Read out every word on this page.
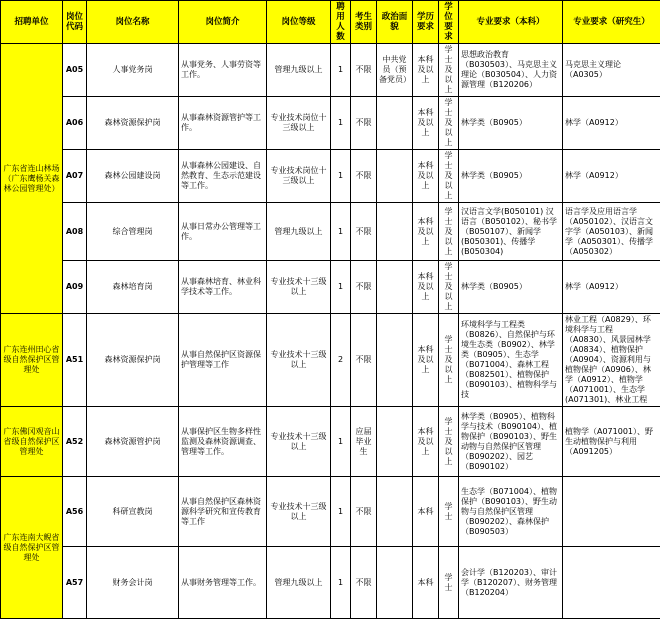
招聘单位	岗位代码	岗位名称	岗位简介	岗位等级	聘用人数	考生类别	政治面貌	学历要求	学位要求	专业要求（本科）	专业要求（研究生）
广东省连山林场（广东鹰杨关森林公园管理处）	A05	人事党务岗	从事党务、人事劳资等工作。	管理九级以上	1	不限	中共党员（预备党员）	本科及以上	学士及以上	思想政治教育（B030503）、马克思主义理论（B030504）、人力资源管理（B120206）	马克思主义理论（A0305）
	A06	森林资源保护岗	从事森林资源管护等工作。	专业技术岗位十三级以上	1	不限		本科及以上	学士及以上	林学类（B0905）	林学（A0912）
	A07	森林公园建设岗	从事森林公园建设、自然教育、生态示范建设等工作。	专业技术岗位十三级以上	1	不限		本科及以上	学士及以上	林学类（B0905）	林学（A0912）
	A08	综合管理岗	从事日常办公管理等工作。	管理九级以上	1	不限		本科及以上	学士及以上	汉语言文学(B050101) 汉语言（B050102）、秘书学（B050107）、新闻学(B050301)、传播学(B050304)	语言学及应用语言学（A050102）、汉语言文字学（A050103）、新闻学（A050301）、传播学（A050302）
	A09	森林培育岗	从事森林培育、林业科学技术等工作。	专业技术十三级以上	1	不限		本科及以上	学士及以上	林学类（B0905）	林学（A0912）
广东连州田心省级自然保护区管理处	A51	森林资源保护岗	从事自然保护区资源保护管理等工作	专业技术十三级以上	2	不限		本科及以上	学士及以上	环境科学与工程类（B0826）、自然保护与环境生态类（B0902）、林学类（B0905）、生态学（B071004）、森林工程（B082501）、植物保护（B090103）、植物科学与技	林业工程（A0829）、环境科学与工程（A0830）、风景园林学（A0834）、植物保护（A0904）、资源利用与植物保护（A0906）、林学（A0912）、植物学（A071001）、生态学(A071301)、林业工程
广东佛冈观音山省级自然保护区管理处	A52	森林资源管护岗	从事保护区生物多样性监测及森林资源调查、管理等工作。	专业技术十三级以上	1	应届毕业生		本科及以上	学士及以上	林学类（B0905）、植物科学与技术（B090104）、植物保护（B090103）、野生动物与自然保护区管理（B090202）、园艺（B090102）	植物学（A071001）、野生动植物保护与利用（A091205）
广东连南大鲵省级自然保护区管理处	A56	科研宣教岗	从事自然保护区森林资源科学研究和宣传教育等工作	专业技术十三级以上	1	不限		本科	学士	生态学（B071004）、植物保护（B090103）、野生动物与自然保护区管理（B090202）、森林保护（B090503）	
	A57	财务会计岗	从事财务管理等工作。	管理九级以上	1	不限		本科	学士	会计学（B120203）、审计学（B120207）、财务管理（B120204）	
